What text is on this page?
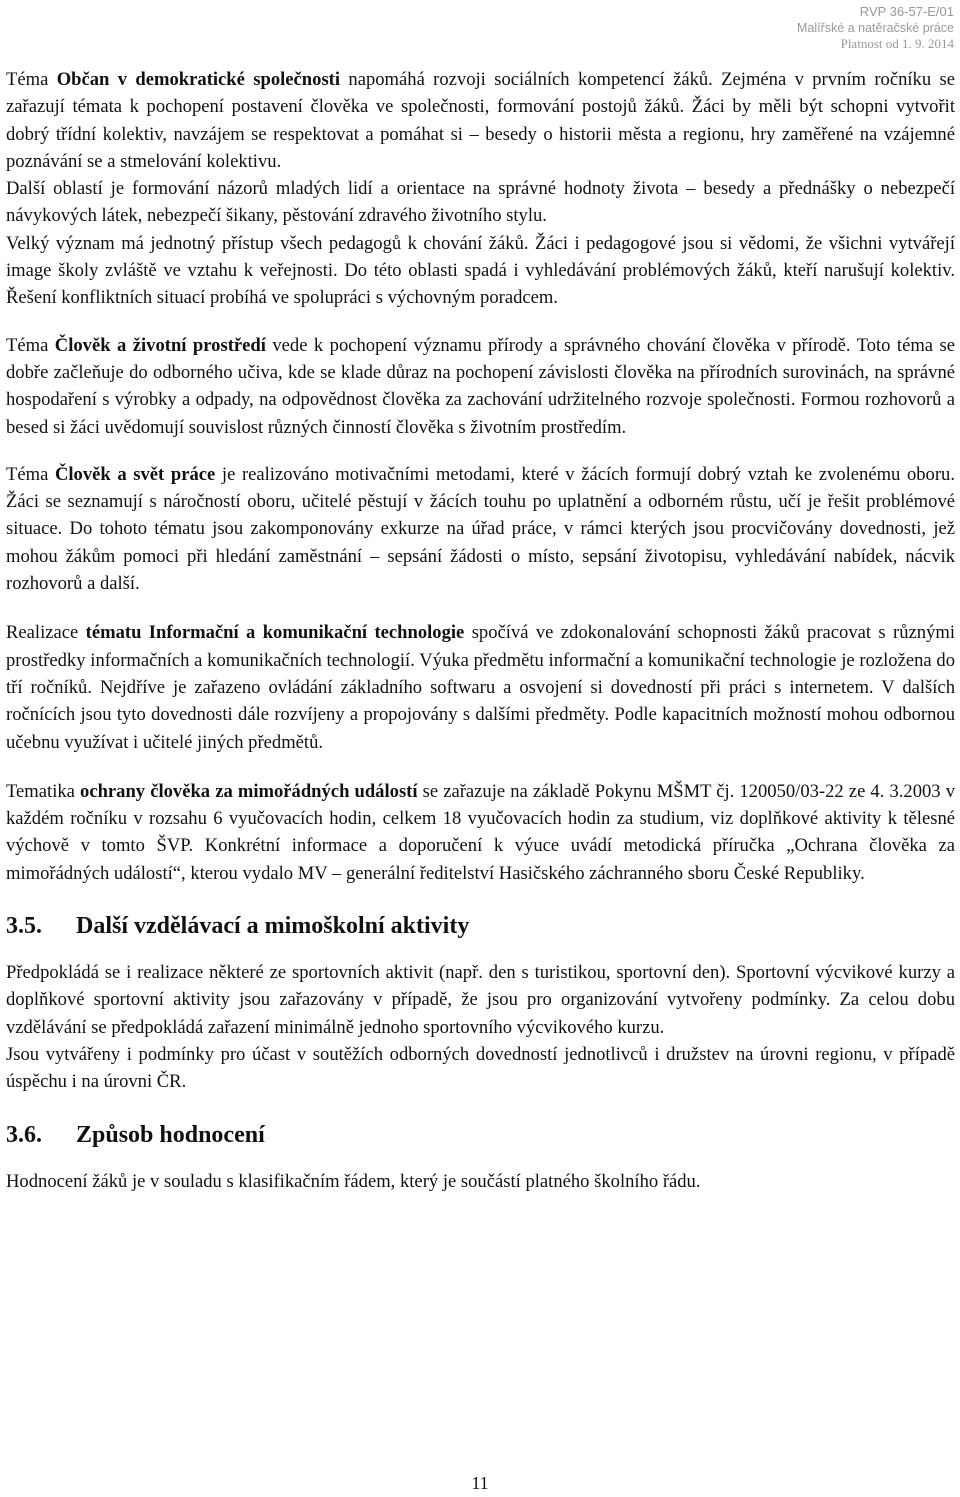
RVP 36-57-E/01
Malířské a natěračské práce
Platnost od 1. 9. 2014

Téma Občan v demokratické společnosti napomáhá rozvoji sociálních kompetencí žáků. Zejména v prvním ročníku se zařazují témata k pochopení postavení člověka ve společnosti, formování postojů žáků. Žáci by měli být schopni vytvořit dobrý třídní kolektiv, navzájem se respektovat a pomáhat si – besedy o historii města a regionu, hry zaměřené na vzájemné poznávání se a stmelování kolektivu.

Další oblastí je formování názorů mladých lidí a orientace na správné hodnoty života – besedy a přednášky o nebezpečí návykových látek, nebezpečí šikany, pěstování zdravého životního stylu.

Velký význam má jednotný přístup všech pedagogů k chování žáků. Žáci i pedagogové jsou si vědomi, že všichni vytvářejí image školy zvláště ve vztahu k veřejnosti. Do této oblasti spadá i vyhledávání problémových žáků, kteří narušují kolektiv. Řešení konfliktních situací probíhá ve spolupráci s výchovným poradcem.

Téma Člověk a životní prostředí vede k pochopení významu přírody a správného chování člověka v přírodě. Toto téma se dobře začleňuje do odborného učiva, kde se klade důraz na pochopení závislosti člověka na přírodních surovinách, na správné hospodaření s výrobky a odpady, na odpovědnost člověka za zachování udržitelného rozvoje společnosti. Formou rozhovorů a besed si žáci uvědomují souvislost různých činností člověka s životním prostředím.

Téma Člověk a svět práce je realizováno motivačními metodami, které v žácích formují dobrý vztah ke zvolenému oboru. Žáci se seznamují s náročností oboru, učitelé pěstují v žácích touhu po uplatnění a odborném růstu, učí je řešit problémové situace. Do tohoto tématu jsou zakomponovány exkurze na úřad práce, v rámci kterých jsou procvičovány dovednosti, jež mohou žákům pomoci při hledání zaměstnání – sepsání žádosti o místo, sepsání životopisu, vyhledávání nabídek, nácvik rozhovorů a další.

Realizace tématu Informační a komunikační technologie spočívá ve zdokonalování schopnosti žáků pracovat s různými prostředky informačních a komunikačních technologií. Výuka předmětu informační a komunikační technologie je rozložena do tří ročníků. Nejdříve je zařazeno ovládání základního softwaru a osvojení si dovedností při práci s internetem. V dalších ročnících jsou tyto dovednosti dále rozvíjeny a propojovány s dalšími předměty. Podle kapacitních možností mohou odbornou učebnu využívat i učitelé jiných předmětů.

Tematika ochrany člověka za mimořádných událostí se zařazuje na základě Pokynu MŠMT čj. 120050/03-22 ze 4. 3.2003 v každém ročníku v rozsahu 6 vyučovacích hodin, celkem 18 vyučovacích hodin za studium, viz doplňkové aktivity k tělesné výchově v tomto ŠVP. Konkrétní informace a doporučení k výuce uvádí metodická příručka „Ochrana člověka za mimořádných událostí“, kterou vydalo MV – generální ředitelství Hasičského záchranného sboru České Republiky.

3.5. Další vzdělávací a mimoškolní aktivity

Předpokládá se i realizace některé ze sportovních aktivit (např. den s turistikou, sportovní den). Sportovní výcvikové kurzy a doplňkové sportovní aktivity jsou zařazovány v případě, že jsou pro organizování vytvořeny podmínky. Za celou dobu vzdělávání se předpokládá zařazení minimálně jednoho sportovního výcvikového kurzu.

Jsou vytvářeny i podmínky pro účast v soutěžích odborných dovedností jednotlivců i družstev na úrovni regionu, v případě úspěchu i na úrovni ČR.

3.6. Způsob hodnocení

Hodnocení žáků je v souladu s klasifikačním řádem, který je součástí platného školního řádu.

11
